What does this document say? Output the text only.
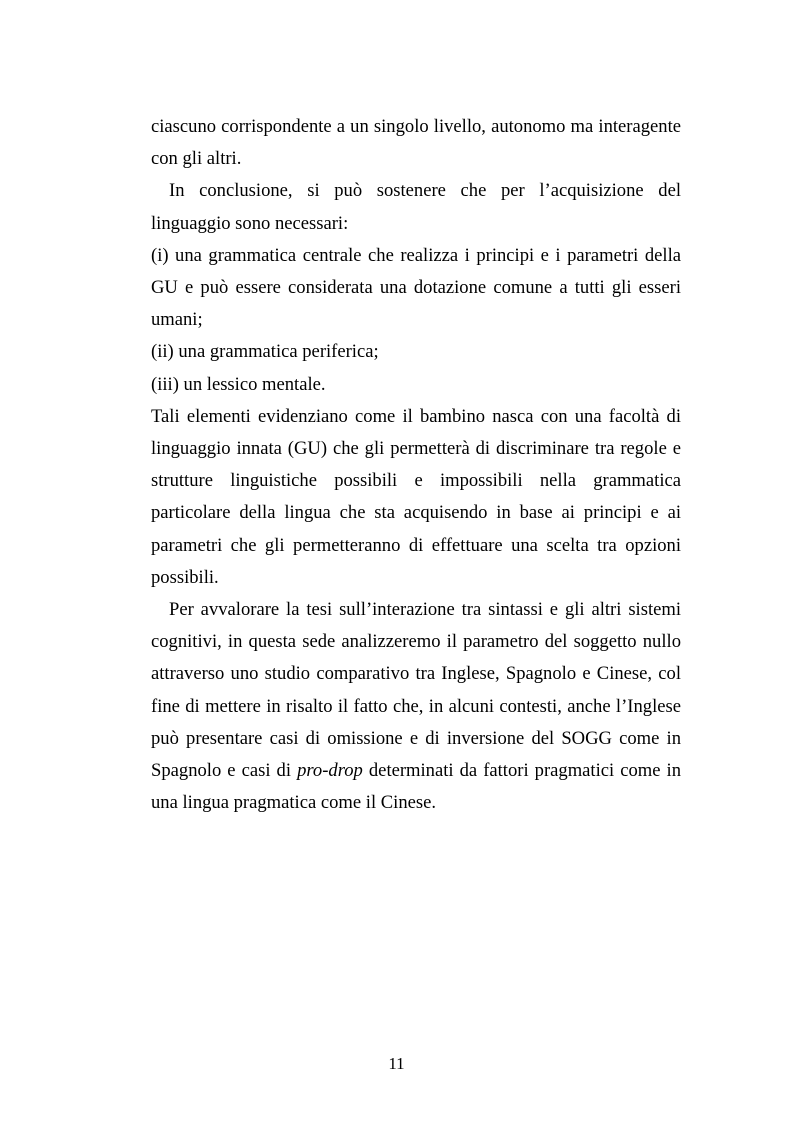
ciascuno corrispondente a un singolo livello, autonomo ma interagente con gli altri.

In conclusione, si può sostenere che per l’acquisizione del linguaggio sono necessari:

(i) una grammatica centrale che realizza i principi e i parametri della GU e può essere considerata una dotazione comune a tutti gli esseri umani;

(ii) una grammatica periferica;

(iii) un lessico mentale.

Tali elementi evidenziano come il bambino nasca con una facoltà di linguaggio innata (GU) che gli permetterà di discriminare tra regole e strutture linguistiche possibili e impossibili nella grammatica particolare della lingua che sta acquisendo in base ai principi e ai parametri che gli permetteranno di effettuare una scelta tra opzioni possibili.

Per avvalorare la tesi sull’interazione tra sintassi e gli altri sistemi cognitivi, in questa sede analizzeremo il parametro del soggetto nullo attraverso uno studio comparativo tra Inglese, Spagnolo e Cinese, col fine di mettere in risalto il fatto che, in alcuni contesti, anche l’Inglese può presentare casi di omissione e di inversione del SOGG come in Spagnolo e casi di pro-drop determinati da fattori pragmatici come in una lingua pragmatica come il Cinese.

11
